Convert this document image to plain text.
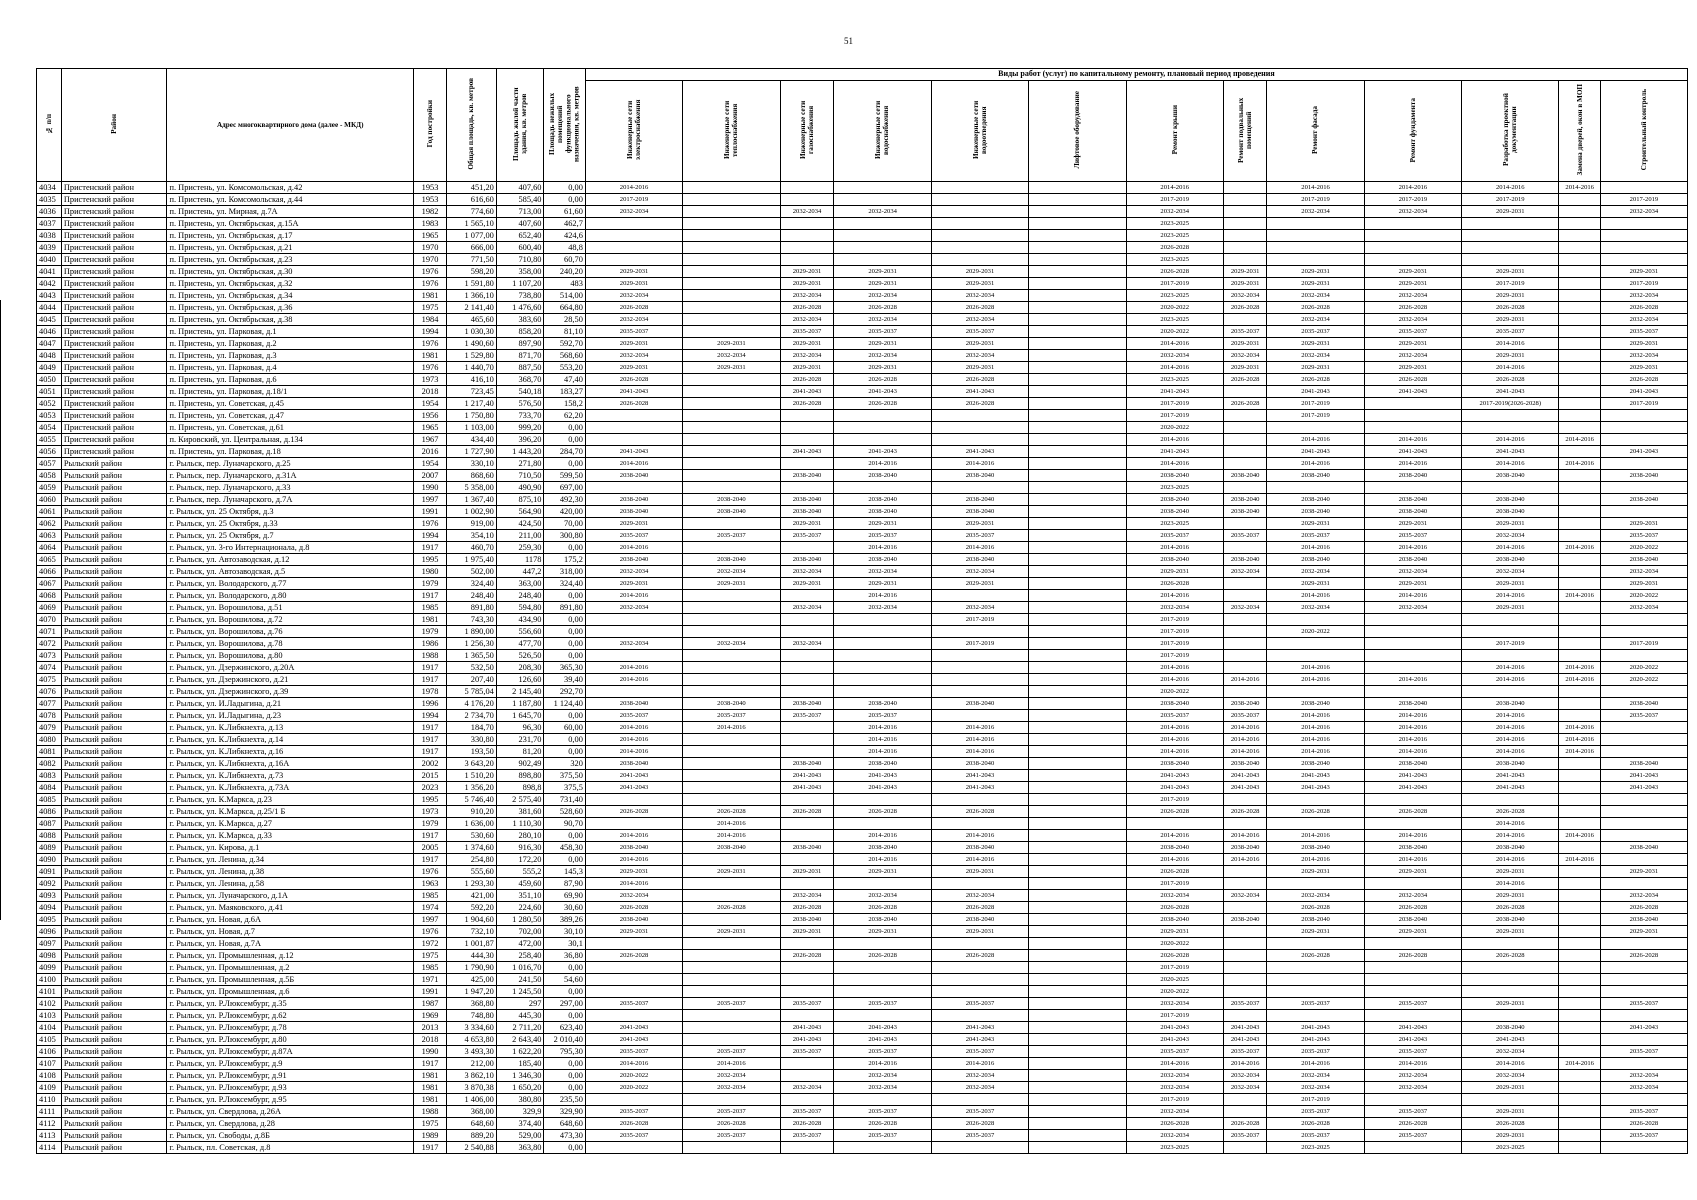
51
№ п/п	Район	Адрес многоквартирного дома (далее - МКД)	Год постройки	Общая площадь, кв. метров	Площадь жилой части здания, кв. метров	Площадь нежилых помещений функционального назначения, кв. метров	Виды работ (услуг) по капитальному ремонту, плановый период проведения												
							Инженерные сети электроснабжения	Инженерные сети теплоснабжения	Инженерные сети газоснабжения	Инженерные сети водоснабжения	Инженерные сети водоотведения	Лифтовое оборудование	Ремонт крыши	Ремонт подвальных помещений	Ремонт фасада	Ремонт фундамента	Разработка проектной документации	Замена дверей, окон в МОП	Строительный контроль
4034	Пристенский район	п. Пристень, ул. Комсомольская, д.42	1953	451,20	407,60	0,00	2014-2016						2014-2016		2014-2016	2014-2016	2014-2016	2014-2016	
4035	Пристенский район	п. Пристень, ул. Комсомольская, д.44	1953	616,60	585,40	0,00	2017-2019						2017-2019		2017-2019	2017-2019	2017-2019		2017-2019
4036	Пристенский район	п. Пристень, ул. Мирная, д.7А	1982	774,60	713,00	61,60	2032-2034		2032-2034	2032-2034			2032-2034		2032-2034	2032-2034	2029-2031		2032-2034
4037	Пристенский район	п. Пристень, ул. Октябрьская, д.15А	1983	1 565,10	407,60	462,7							2023-2025						
4038	Пристенский район	п. Пристень, ул. Октябрьская, д.17	1965	1 077,00	652,40	424,6							2023-2025						
4039	Пристенский район	п. Пристень, ул. Октябрьская, д.21	1970	666,00	600,40	48,8							2026-2028						
4040	Пристенский район	п. Пристень, ул. Октябрьская, д.23	1970	771,50	710,80	60,70							2023-2025						
4041	Пристенский район	п. Пристень, ул. Октябрьская, д.30	1976	598,20	358,00	240,20	2029-2031		2029-2031	2029-2031	2029-2031		2026-2028	2029-2031	2029-2031	2029-2031	2029-2031		2029-2031
4042	Пристенский район	п. Пристень, ул. Октябрьская, д.32	1976	1 591,80	1 107,20	483	2029-2031		2029-2031	2029-2031	2029-2031		2017-2019	2029-2031	2029-2031	2029-2031	2017-2019		2017-2019
4043	Пристенский район	п. Пристень, ул. Октябрьская, д.34	1981	1 366,10	738,80	514,00	2032-2034		2032-2034	2032-2034	2032-2034		2023-2025	2032-2034	2032-2034	2032-2034	2029-2031		2032-2034
4044	Пристенский район	п. Пристень, ул. Октябрьская, д.36	1975	2 141,40	1 476,60	664,80	2026-2028		2026-2028	2026-2028	2026-2028		2020-2022	2026-2028	2026-2028	2026-2028	2026-2028		2026-2028
4045	Пристенский район	п. Пристень, ул. Октябрьская, д.38	1984	465,60	383,60	28,50	2032-2034		2032-2034	2032-2034	2032-2034		2023-2025		2032-2034	2032-2034	2029-2031		2032-2034
4046	Пристенский район	п. Пристень, ул. Парковая, д.1	1994	1 030,30	858,20	81,10	2035-2037		2035-2037	2035-2037	2035-2037		2020-2022	2035-2037	2035-2037	2035-2037	2035-2037		2035-2037
4047	Пристенский район	п. Пристень, ул. Парковая, д.2	1976	1 490,60	897,90	592,70	2029-2031	2029-2031	2029-2031	2029-2031	2029-2031		2014-2016	2029-2031	2029-2031	2029-2031	2014-2016		2029-2031
4048	Пристенский район	п. Пристень, ул. Парковая, д.3	1981	1 529,80	871,70	568,60	2032-2034	2032-2034	2032-2034	2032-2034	2032-2034		2032-2034	2032-2034	2032-2034	2032-2034	2029-2031		2032-2034
4049	Пристенский район	п. Пристень, ул. Парковая, д.4	1976	1 440,70	887,50	553,20	2029-2031	2029-2031	2029-2031	2029-2031	2029-2031		2014-2016	2029-2031	2029-2031	2029-2031	2014-2016		2029-2031
4050	Пристенский район	п. Пристень, ул. Парковая, д.6	1973	416,10	368,70	47,40	2026-2028		2026-2028	2026-2028	2026-2028		2023-2025	2026-2028	2026-2028	2026-2028	2026-2028		2026-2028
4051	Пристенский район	п. Пристень, ул. Парковая, д.18/1	2018	723,45	540,18	183,27	2041-2043		2041-2043	2041-2043	2041-2043		2041-2043		2041-2043	2041-2043	2041-2043		2041-2043
4052	Пристенский район	п. Пристень, ул. Советская, д.45	1954	1 217,40	576,50	158,2	2026-2028		2026-2028	2026-2028	2026-2028		2017-2019	2026-2028	2017-2019		2017-2019(2026-2028)		2017-2019
4053	Пристенский район	п. Пристень, ул. Советская, д.47	1956	1 750,80	733,70	62,20							2017-2019		2017-2019				
4054	Пристенский район	п. Пристень, ул. Советская, д.61	1965	1 103,00	999,20	0,00							2020-2022						
4055	Пристенский район	п. Кировский, ул. Центральная, д.134	1967	434,40	396,20	0,00							2014-2016		2014-2016	2014-2016	2014-2016	2014-2016	
4056	Пристенский район	п. Пристень, ул. Парковая, д.18	2016	1 727,90	1 443,20	284,70	2041-2043		2041-2043	2041-2043	2041-2043		2041-2043		2041-2043	2041-2043	2041-2043		2041-2043
4057	Рыльский район	г. Рыльск, пер. Луначарского, д.25	1954	330,10	271,80	0,00	2014-2016			2014-2016	2014-2016		2014-2016		2014-2016	2014-2016	2014-2016	2014-2016	
4058	Рыльский район	г. Рыльск, пер. Луначарского, д.31А	2007	868,60	710,50	599,50	2038-2040		2038-2040	2038-2040	2038-2040		2038-2040	2038-2040	2038-2040	2038-2040	2038-2040		2038-2040
4059	Рыльский район	г. Рыльск, пер. Луначарского, д.33	1990	5 358,00	490,90	697,00							2023-2025						
4060	Рыльский район	г. Рыльск, пер. Луначарского, д.7А	1997	1 367,40	875,10	492,30	2038-2040	2038-2040	2038-2040	2038-2040	2038-2040		2038-2040	2038-2040	2038-2040	2038-2040	2038-2040		2038-2040
4061	Рыльский район	г. Рыльск, ул. 25 Октября, д.3	1991	1 002,90	564,90	420,00	2038-2040	2038-2040	2038-2040	2038-2040	2038-2040		2038-2040	2038-2040	2038-2040	2038-2040	2038-2040		
4062	Рыльский район	г. Рыльск, ул. 25 Октября, д.33	1976	919,00	424,50	70,00	2029-2031		2029-2031	2029-2031	2029-2031		2023-2025		2029-2031	2029-2031	2029-2031		2029-2031
4063	Рыльский район	г. Рыльск, ул. 25 Октября, д.7	1994	354,10	211,00	300,80	2035-2037	2035-2037	2035-2037	2035-2037	2035-2037		2035-2037	2035-2037	2035-2037	2035-2037	2032-2034		2035-2037
4064	Рыльский район	г. Рыльск, ул. 3-го Интернационала, д.8	1917	460,70	259,30	0,00	2014-2016			2014-2016	2014-2016		2014-2016		2014-2016	2014-2016	2014-2016	2014-2016	2020-2022
4065	Рыльский район	г. Рыльск, ул. Автозаводская, д.12	1995	1 975,40	1178	175,2	2038-2040	2038-2040	2038-2040	2038-2040	2038-2040		2038-2040	2038-2040	2038-2040	2038-2040	2038-2040		2038-2040
4066	Рыльский район	г. Рыльск, ул. Автозаводская, д.5	1980	502,00	447,2	318,00	2032-2034	2032-2034	2032-2034	2032-2034	2032-2034		2029-2031	2032-2034	2032-2034	2032-2034	2032-2034		2032-2034
4067	Рыльский район	г. Рыльск, ул. Володарского, д.77	1979	324,40	363,00	324,40	2029-2031	2029-2031	2029-2031	2029-2031	2029-2031		2026-2028		2029-2031	2029-2031	2029-2031		2029-2031
4068	Рыльский район	г. Рыльск, ул. Володарского, д.80	1917	248,40	248,40	0,00	2014-2016			2014-2016			2014-2016		2014-2016	2014-2016	2014-2016	2014-2016	2020-2022
4069	Рыльский район	г. Рыльск, ул. Ворошилова, д.51	1985	891,80	594,80	891,80	2032-2034		2032-2034	2032-2034	2032-2034		2032-2034	2032-2034	2032-2034	2032-2034	2029-2031		2032-2034
4070	Рыльский район	г. Рыльск, ул. Ворошилова, д.72	1981	743,30	434,90	0,00					2017-2019		2017-2019						
4071	Рыльский район	г. Рыльск, ул. Ворошилова, д.76	1979	1 890,00	556,60	0,00							2017-2019		2020-2022				
4072	Рыльский район	г. Рыльск, ул. Ворошилова, д.78	1986	1 256,30	477,70	0,00	2032-2034	2032-2034	2032-2034		2017-2019		2017-2019				2017-2019		2017-2019
4073	Рыльский район	г. Рыльск, ул. Ворошилова, д.80	1988	1 365,50	526,50	0,00							2017-2019						
4074	Рыльский район	г. Рыльск, ул. Дзержинского, д.20А	1917	532,50	208,30	365,30	2014-2016						2014-2016		2014-2016		2014-2016	2014-2016	2020-2022
4075	Рыльский район	г. Рыльск, ул. Дзержинского, д.21	1917	207,40	126,60	39,40	2014-2016						2014-2016	2014-2016	2014-2016	2014-2016	2014-2016	2014-2016	2020-2022
4076	Рыльский район	г. Рыльск, ул. Дзержинского, д.39	1978	5 785,04	2 145,40	292,70							2020-2022						
4077	Рыльский район	г. Рыльск, ул. И.Ладыгина, д.21	1996	4 176,20	1 187,80	1 124,40	2038-2040	2038-2040	2038-2040	2038-2040	2038-2040		2038-2040	2038-2040	2038-2040	2038-2040	2038-2040		2038-2040
4078	Рыльский район	г. Рыльск, ул. И.Ладыгина, д.23	1994	2 734,70	1 645,70	0,00	2035-2037	2035-2037	2035-2037	2035-2037			2035-2037	2035-2037	2014-2016	2014-2016	2014-2016		2035-2037
4079	Рыльский район	г. Рыльск, ул. К.Либкнехта, д.13	1917	184,70	96,30	60,00	2014-2016	2014-2016		2014-2016	2014-2016		2014-2016	2014-2016	2014-2016	2014-2016	2014-2016	2014-2016	
4080	Рыльский район	г. Рыльск, ул. К.Либкнехта, д.14	1917	330,80	231,70	0,00	2014-2016			2014-2016	2014-2016		2014-2016	2014-2016	2014-2016	2014-2016	2014-2016	2014-2016	
4081	Рыльский район	г. Рыльск, ул. К.Либкнехта, д.16	1917	193,50	81,20	0,00	2014-2016			2014-2016	2014-2016		2014-2016	2014-2016	2014-2016	2014-2016	2014-2016	2014-2016	
4082	Рыльский район	г. Рыльск, ул. К.Либкнехта, д.16А	2002	3 643,20	902,49	320	2038-2040		2038-2040	2038-2040	2038-2040		2038-2040	2038-2040	2038-2040	2038-2040	2038-2040		2038-2040
4083	Рыльский район	г. Рыльск, ул. К.Либкнехта, д.73	2015	1 510,20	898,80	375,50	2041-2043		2041-2043	2041-2043	2041-2043		2041-2043	2041-2043	2041-2043	2041-2043	2041-2043		2041-2043
4084	Рыльский район	г. Рыльск, ул. К.Либкнехта, д.73А	2023	1 356,20	898,8	375,5	2041-2043		2041-2043	2041-2043	2041-2043		2041-2043	2041-2043	2041-2043	2041-2043	2041-2043		2041-2043
4085	Рыльский район	г. Рыльск, ул. К.Маркса, д.23	1995	5 746,40	2 575,40	731,40							2017-2019						
4086	Рыльский район	г. Рыльск, ул. К.Маркса, д.25/1 Б	1973	910,20	381,60	528,60	2026-2028	2026-2028	2026-2028	2026-2028	2026-2028		2026-2028	2026-2028	2026-2028	2026-2028	2026-2028		
4087	Рыльский район	г. Рыльск, ул. К.Маркса, д.27	1979	1 636,00	1 110,30	90,70		2014-2016									2014-2016		
4088	Рыльский район	г. Рыльск, ул. К.Маркса, д.33	1917	530,60	280,10	0,00	2014-2016	2014-2016		2014-2016	2014-2016		2014-2016	2014-2016	2014-2016	2014-2016	2014-2016	2014-2016	
4089	Рыльский район	г. Рыльск, ул. Кирова, д.1	2005	1 374,60	916,30	458,30	2038-2040	2038-2040	2038-2040	2038-2040	2038-2040		2038-2040	2038-2040	2038-2040	2038-2040	2038-2040		2038-2040
4090	Рыльский район	г. Рыльск, ул. Ленина, д.34	1917	254,80	172,20	0,00	2014-2016			2014-2016	2014-2016		2014-2016	2014-2016	2014-2016	2014-2016	2014-2016	2014-2016	
4091	Рыльский район	г. Рыльск, ул. Ленина, д.38	1976	555,60	555,2	145,3	2029-2031	2029-2031	2029-2031	2029-2031	2029-2031		2026-2028		2029-2031	2029-2031	2029-2031		2029-2031
4092	Рыльский район	г. Рыльск, ул. Ленина, д.58	1963	1 293,30	459,60	87,90	2014-2016						2017-2019				2014-2016		
4093	Рыльский район	г. Рыльск, ул. Луначарского, д.1А	1985	421,00	351,10	69,90	2032-2034		2032-2034	2032-2034	2032-2034		2032-2034	2032-2034	2032-2034	2032-2034	2029-2031		2032-2034
4094	Рыльский район	г. Рыльск, ул. Маяковского, д.41	1974	592,20	224,60	30,60	2026-2028	2026-2028	2026-2028	2026-2028	2026-2028		2026-2028		2026-2028	2026-2028	2026-2028		2026-2028
4095	Рыльский район	г. Рыльск, ул. Новая, д.6А	1997	1 904,60	1 280,50	389,26	2038-2040		2038-2040	2038-2040	2038-2040		2038-2040	2038-2040	2038-2040	2038-2040	2038-2040		2038-2040
4096	Рыльский район	г. Рыльск, ул. Новая, д.7	1976	732,10	702,00	30,10	2029-2031	2029-2031	2029-2031	2029-2031	2029-2031		2029-2031		2029-2031	2029-2031	2029-2031		2029-2031
4097	Рыльский район	г. Рыльск, ул. Новая, д.7А	1972	1 001,87	472,00	30,1							2020-2022						
4098	Рыльский район	г. Рыльск, ул. Промышленная, д.12	1975	444,30	258,40	36,80	2026-2028		2026-2028	2026-2028	2026-2028		2026-2028		2026-2028	2026-2028	2026-2028		2026-2028
4099	Рыльский район	г. Рыльск, ул. Промышленная, д.2	1985	1 790,90	1 016,70	0,00							2017-2019						
4100	Рыльский район	г. Рыльск, ул. Промышленная, д.5Б	1971	425,00	241,50	54,60							2020-2025						
4101	Рыльский район	г. Рыльск, ул. Промышленная, д.6	1991	1 947,20	1 245,50	0,00							2020-2022						
4102	Рыльский район	г. Рыльск, ул. Р.Люксембург, д.35	1987	368,80	297	297,00	2035-2037	2035-2037	2035-2037	2035-2037	2035-2037		2032-2034	2035-2037	2035-2037	2035-2037	2029-2031		2035-2037
4103	Рыльский район	г. Рыльск, ул. Р.Люксембург, д.62	1969	748,80	445,30	0,00							2017-2019						
4104	Рыльский район	г. Рыльск, ул. Р.Люксембург, д.78	2013	3 334,60	2 711,20	623,40	2041-2043		2041-2043	2041-2043	2041-2043		2041-2043	2041-2043	2041-2043	2041-2043	2038-2040		2041-2043
4105	Рыльский район	г. Рыльск, ул. Р.Люксембург, д.80	2018	4 653,80	2 643,40	2 010,40	2041-2043		2041-2043	2041-2043	2041-2043		2041-2043	2041-2043	2041-2043	2041-2043	2041-2043		
4106	Рыльский район	г. Рыльск, ул. Р.Люксембург, д.87А	1990	3 493,30	1 622,20	795,30	2035-2037	2035-2037	2035-2037	2035-2037	2035-2037		2035-2037	2035-2037	2035-2037	2035-2037	2032-2034		2035-2037
4107	Рыльский район	г. Рыльск, ул. Р.Люксембург, д.9	1917	212,00	185,40	0,00	2014-2016	2014-2016		2014-2016	2014-2016		2014-2016	2014-2016	2014-2016	2014-2016	2014-2016	2014-2016	
4108	Рыльский район	г. Рыльск, ул. Р.Люксембург, д.91	1981	3 862,10	1 346,30	0,00	2020-2022	2032-2034		2032-2034	2032-2034		2032-2034	2032-2034	2032-2034	2032-2034	2032-2034		2032-2034
4109	Рыльский район	г. Рыльск, ул. Р.Люксембург, д.93	1981	3 870,38	1 650,20	0,00	2020-2022	2032-2034	2032-2034	2032-2034	2032-2034		2032-2034	2032-2034	2032-2034	2032-2034	2029-2031		2032-2034
4110	Рыльский район	г. Рыльск, ул. Р.Люксембург, д.95	1981	1 406,00	380,80	235,50							2017-2019		2017-2019				
4111	Рыльский район	г. Рыльск, ул. Свердлова, д.26А	1988	368,00	329,9	329,90	2035-2037	2035-2037	2035-2037	2035-2037	2035-2037		2032-2034		2035-2037	2035-2037	2029-2031		2035-2037
4112	Рыльский район	г. Рыльск, ул. Свердлова, д.28	1975	648,60	374,40	648,60	2026-2028	2026-2028	2026-2028	2026-2028	2026-2028		2026-2028	2026-2028	2026-2028	2026-2028	2026-2028		2026-2028
4113	Рыльский район	г. Рыльск, ул. Свободы, д.8Б	1989	889,20	529,00	473,30	2035-2037	2035-2037	2035-2037	2035-2037	2035-2037		2032-2034	2035-2037	2035-2037	2035-2037	2029-2031		2035-2037
4114	Рыльский район	г. Рыльск, пл. Советская, д.8	1917	2 540,88	363,80	0,00							2023-2025		2023-2025		2023-2025		
